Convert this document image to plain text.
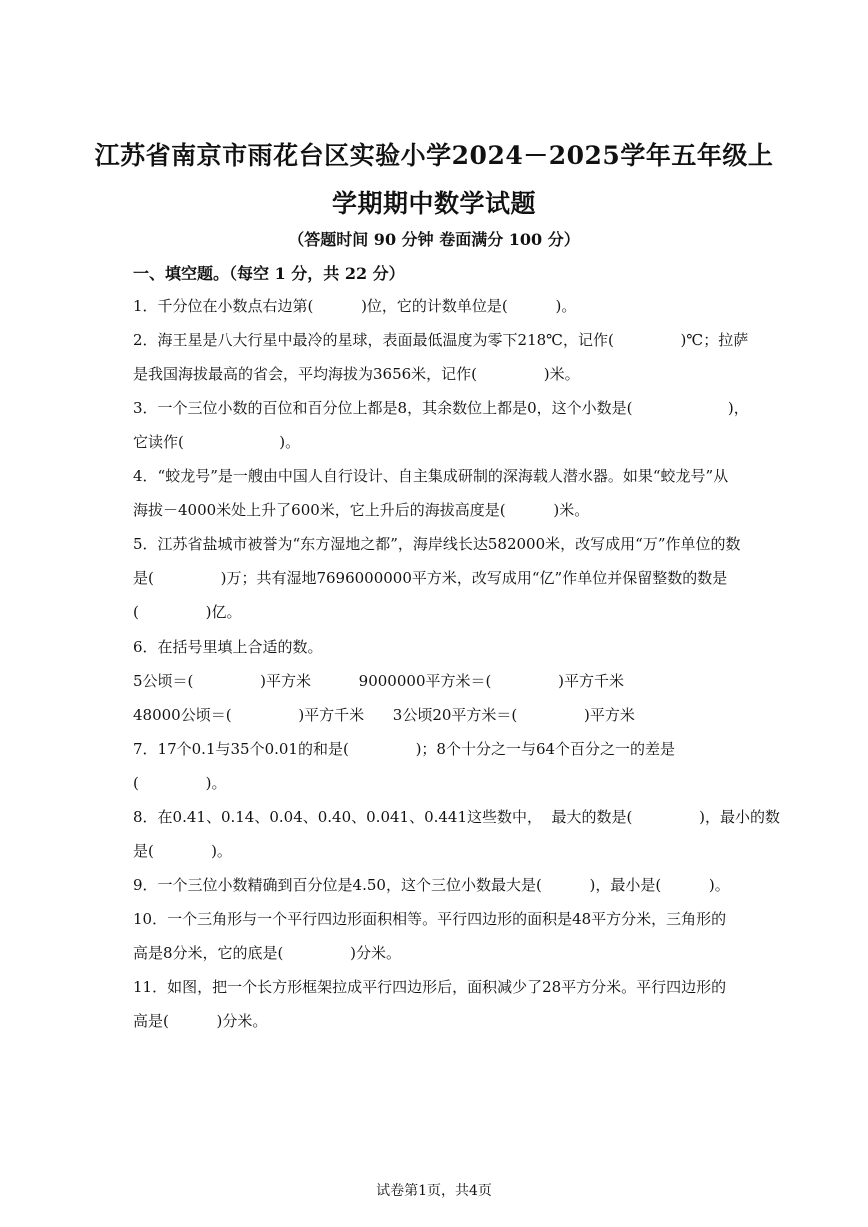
江苏省南京市雨花台区实验小学2024－2025学年五年级上
学期期中数学试题
（答题时间 90 分钟 卷面满分 100 分）
一、填空题。（每空 1 分，共 22 分）
1．千分位在小数点右边第(          )位，它的计数单位是(          )。
2．海王星是八大行星中最冷的星球，表面最低温度为零下218℃，记作(              )℃；拉萨
是我国海拔最高的省会，平均海拔为3656米，记作(              )米。
3．一个三位小数的百位和百分位上都是8，其余数位上都是0，这个小数是(                    )，
它读作(                    )。
4．“蛟龙号”是一艘由中国人自行设计、自主集成研制的深海载人潜水器。如果“蛟龙号”从
海拔－4000米处上升了600米，它上升后的海拔高度是(          )米。
5．江苏省盐城市被誉为“东方湿地之都”，海岸线长达582000米，改写成用“万”作单位的数
是(              )万；共有湿地7696000000平方米，改写成用“亿”作单位并保留整数的数是
(              )亿。
6．在括号里填上合适的数。
5公顷＝(              )平方米          9000000平方米＝(              )平方千米
48000公顷＝(              )平方千米      3公顷20平方米＝(              )平方米
7．17个0.1与35个0.01的和是(              )；8个十分之一与64个百分之一的差是
(              )。
8．在0.41、0.14、0.04、0.40、0.041、0.441这些数中，  最大的数是(              )，最小的数
是(            )。
9．一个三位小数精确到百分位是4.50，这个三位小数最大是(          )，最小是(          )。
10．一个三角形与一个平行四边形面积相等。平行四边形的面积是48平方分米，三角形的
高是8分米，它的底是(              )分米。
11．如图，把一个长方形框架拉成平行四边形后，面积减少了28平方分米。平行四边形的
高是(          )分米。
试卷第1页，共4页
